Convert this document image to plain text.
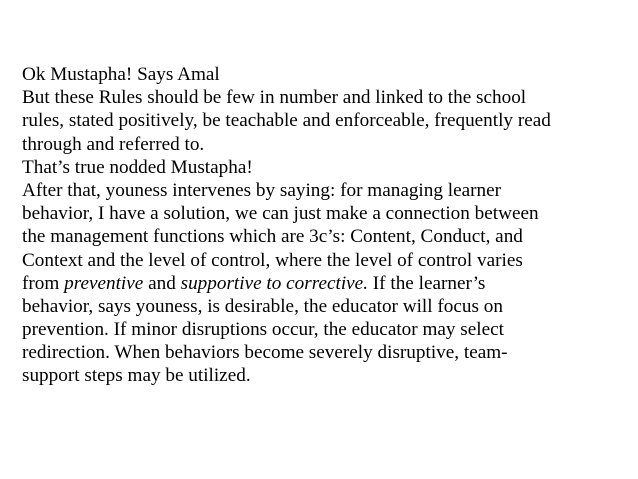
Ok Mustapha! Says Amal
But these Rules should be few in number and linked to the school
rules, stated positively, be teachable and enforceable, frequently read
through and referred to.
That’s true nodded Mustapha!
After that, youness intervenes by saying: for managing learner
behavior, I have a solution, we can just make a connection between
the management functions which are 3c’s: Content, Conduct, and
Context and the level of control, where the level of control varies
from preventive and supportive to corrective. If the learner’s
behavior, says youness, is desirable, the educator will focus on
prevention. If minor disruptions occur, the educator may select
redirection. When behaviors become severely disruptive, team-
support steps may be utilized.
